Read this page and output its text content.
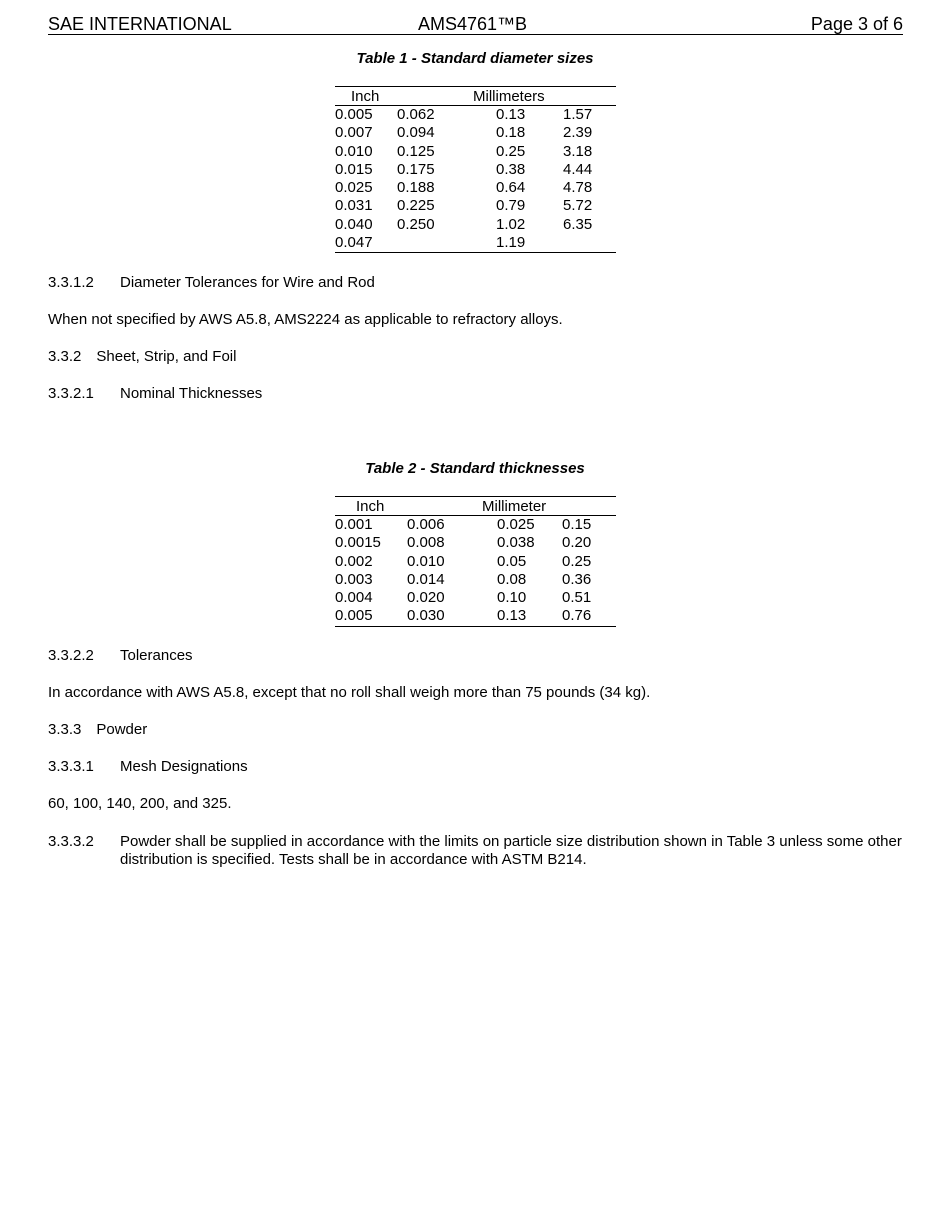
SAE INTERNATIONAL	AMS4761™B	Page 3 of 6
Table 1 - Standard diameter sizes
Inch	Millimeters
0.005 0.062	0.13	1.57
0.007 0.094	0.18	2.39
0.010 0.125	0.25	3.18
0.015 0.175	0.38	4.44
0.025 0.188	0.64	4.78
0.031 0.225	0.79	5.72
0.040 0.250	1.02	6.35
0.047	1.19
3.3.1.2 Diameter Tolerances for Wire and Rod
When not specified by AWS A5.8, AMS2224 as applicable to refractory alloys.
3.3.2 Sheet, Strip, and Foil
3.3.2.1 Nominal Thicknesses
Table 2 - Standard thicknesses
Inch	Millimeter
0.001 0.006	0.025 0.15
0.0015 0.008	0.038 0.20
0.002 0.010	0.05 0.25
0.003 0.014	0.08 0.36
0.004 0.020	0.10 0.51
0.005 0.030	0.13 0.76
3.3.2.2 Tolerances
In accordance with AWS A5.8, except that no roll shall weigh more than 75 pounds (34 kg).
3.3.3 Powder
3.3.3.1 Mesh Designations
60, 100, 140, 200, and 325.
3.3.3.2 Powder shall be supplied in accordance with the limits on particle size distribution shown in Table 3 unless some other distribution is specified. Tests shall be in accordance with ASTM B214.
